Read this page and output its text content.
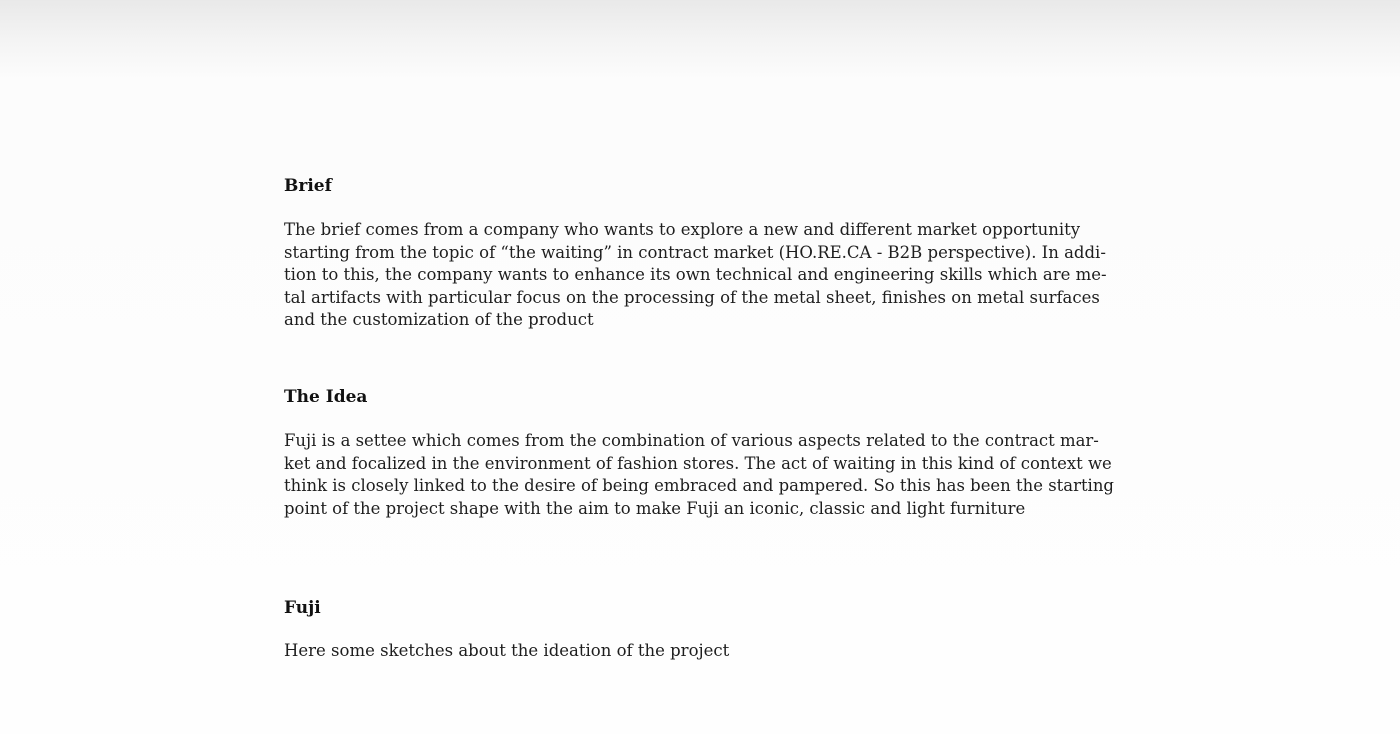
Brief

The brief comes from a company who wants to explore a new and different market opportunity
starting from the topic of “the waiting” in contract market (HO.RE.CA - B2B perspective). In addi-
tion to this, the company wants to enhance its own technical and engineering skills which are me-
tal artifacts with particular focus on the processing of the metal sheet, finishes on metal surfaces
and the customization of the product

The Idea

Fuji is a settee which comes from the combination of various aspects related to the contract mar-
ket and focalized in the environment of fashion stores. The act of waiting in this kind of context we
think is closely linked to the desire of being embraced and pampered. So this has been the starting
point of the project shape with the aim to make Fuji an iconic, classic and light furniture

Fuji

Here some sketches about the ideation of the project
